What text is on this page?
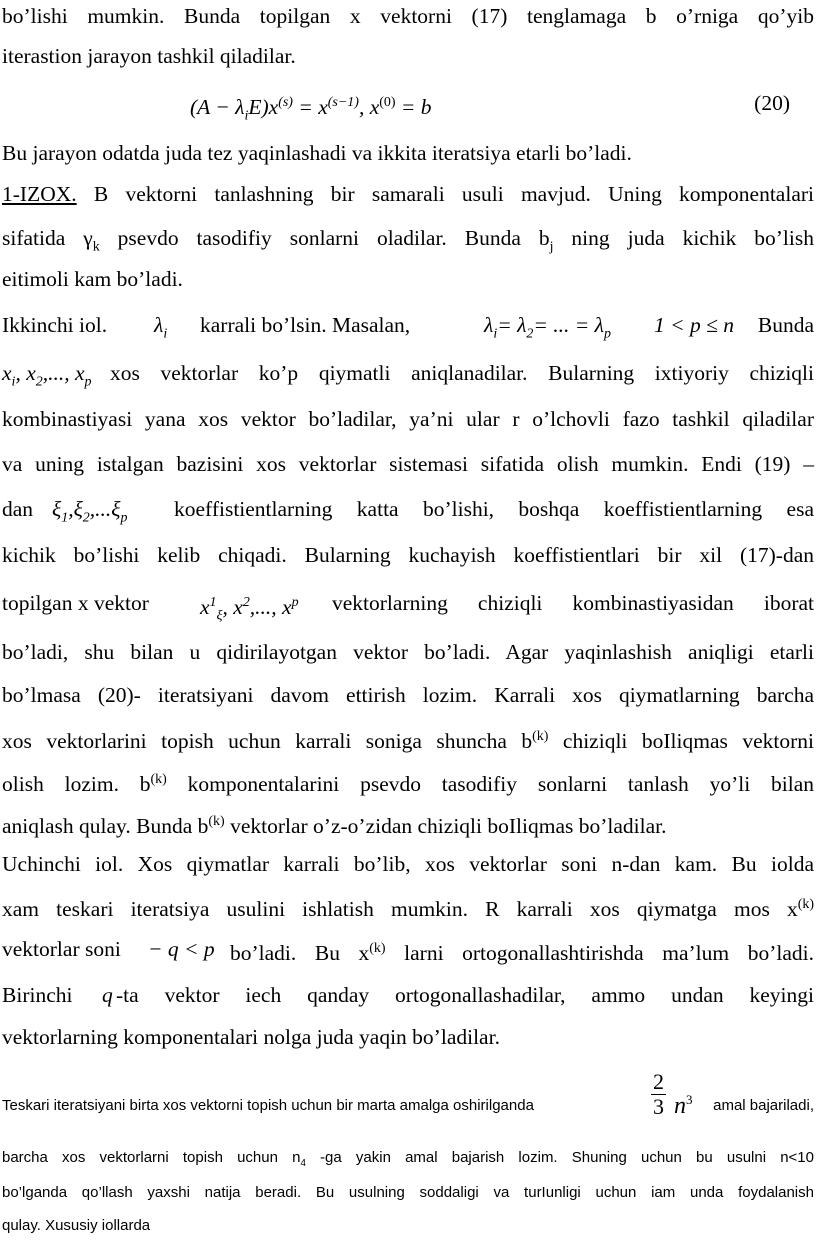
bo’lishi mumkin. Bunda topilgan x vektorni (17) tenglamaga b o’rniga qo’yib
iterastion jarayon tashkil qiladilar.
$(A - \lambda_iE)x^{(s)} = x^{(s-1)}$, $x^{(0)} = b$	(20)
Bu jarayon odatda juda tez yaqinlashadi va ikkita iteratsiya etarli bo’ladi.
1-IZOX. B vektorni tanlashning bir samarali usuli mavjud. Uning komponentalari
sifatida $\gamma_k$ psevdo tasodifiy sonlarni oladilar. Bunda $b_j$ ning juda kichik bo’lish
eitimoli kam bo’ladi.
Ikkinchi iol. $\lambda_i$ karrali bo’lsin. Masalan,	$\lambda_i= \lambda_2=$ ... = $\lambda_p$ 1 < p ≤ n Bunda
$x_i$, $x_2$,..., $x_p$ xos vektorlar ko’p qiymatli aniqlanadilar. Bularning ixtiyoriy chiziqli
kombinastiyasi yana xos vektor bo’ladilar, ya’ni ular r o’lchovli fazo tashkil qiladilar
va uning istalgan bazisini xos vektorlar sistemasi sifatida olish mumkin. Endi (19) –
dan $\xi_1,\xi_2,...\xi_p$ koeffistientlarning katta bo’lishi, boshqa koeffistientlarning esa
kichik bo’lishi kelib chiqadi. Bularning kuchayish koeffistientlari bir xil (17)-dan
topilgan x vektor $x^1_\xi$, $x^2$,..., $x^p$ vektorlarning chiziqli kombinastiyasidan iborat
bo’ladi, shu bilan u qidirilayotgan vektor bo’ladi. Agar yaqinlashish aniqligi etarli
bo’lmasa (20)- iteratsiyani davom ettirish lozim. Karrali xos qiymatlarning barcha
xos vektorlarini topish uchun karrali soniga shuncha $b^{(k)}$ chiziqli boIliqmas vektorni
olish lozim. $b^{(k)}$ komponentalarini psevdo tasodifiy sonlarni tanlash yo’li bilan
aniqlash qulay. Bunda $b^{(k)}$ vektorlar o’z-o’zidan chiziqli boIliqmas bo’ladilar.
Uchinchi iol. Xos qiymatlar karrali bo’lib, xos vektorlar soni n-dan kam. Bu iolda
xam teskari iteratsiya usulini ishlatish mumkin. R karrali xos qiymatga mos $x^{(k)}$
vektorlar soni − q < p bo’ladi. Bu $x^{(k)}$ larni ortogonallashtirishda ma’lum bo’ladi.
Birinchi q -ta vektor iech qanday ortogonallashadilar, ammo undan keyingi
vektorlarning komponentalari nolga juda yaqin bo’ladilar.
Teskari iteratsiyani birta xos vektorni topish uchun bir marta amalga oshirilganda	$\frac{2}{3} n^3$ amal bajariladi,
barcha xos vektorlarni topish uchun $n_4$ -ga yakin amal bajarish lozim. Shuning uchun bu usulni n<10
bo’lganda qo’llash yaxshi natija beradi. Bu usulning soddaligi va turIunligi uchun iam unda foydalanish
qulay. Xususiy iollarda
